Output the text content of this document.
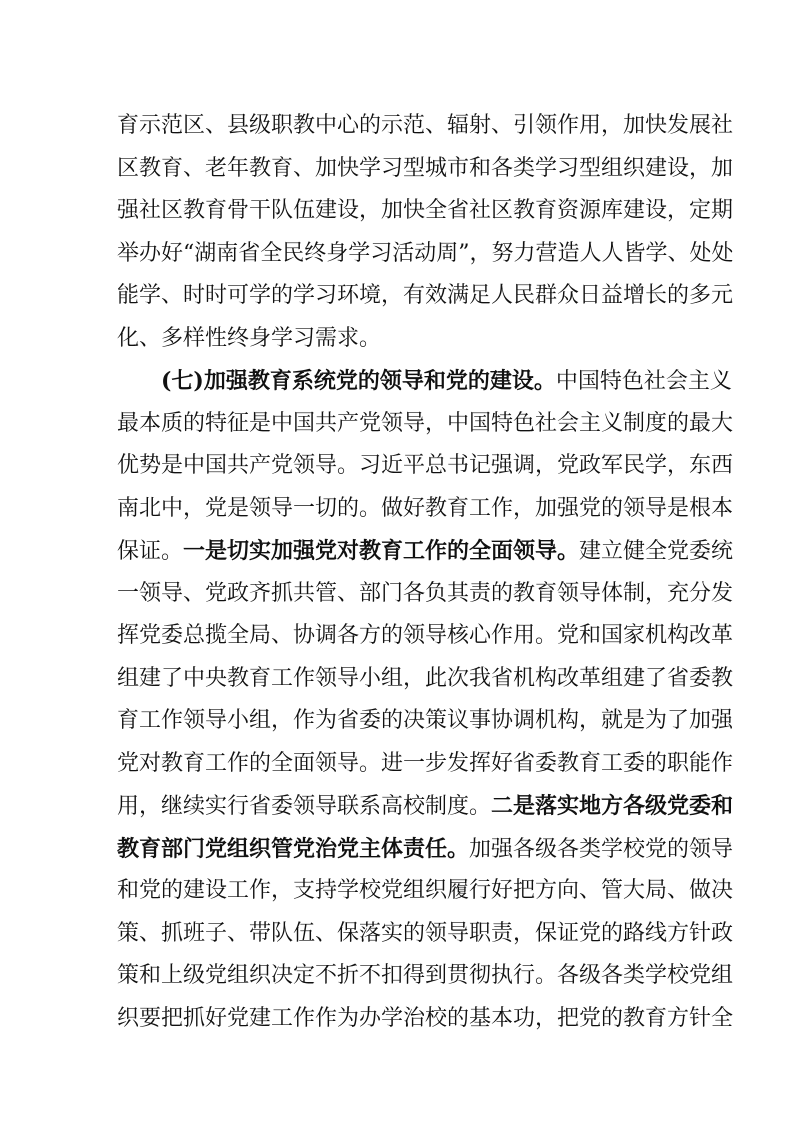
育示范区、县级职教中心的示范、辐射、引领作用，加快发展社
区教育、老年教育、加快学习型城市和各类学习型组织建设，加
强社区教育骨干队伍建设，加快全省社区教育资源库建设，定期
举办好“湖南省全民终身学习活动周”，努力营造人人皆学、处处
能学、时时可学的学习环境，有效满足人民群众日益增长的多元
化、多样性终身学习需求。
(七)加强教育系统党的领导和党的建设。中国特色社会主义
最本质的特征是中国共产党领导，中国特色社会主义制度的最大
优势是中国共产党领导。习近平总书记强调，党政军民学，东西
南北中，党是领导一切的。做好教育工作，加强党的领导是根本
保证。一是切实加强党对教育工作的全面领导。建立健全党委统
一领导、党政齐抓共管、部门各负其责的教育领导体制，充分发
挥党委总揽全局、协调各方的领导核心作用。党和国家机构改革
组建了中央教育工作领导小组，此次我省机构改革组建了省委教
育工作领导小组，作为省委的决策议事协调机构，就是为了加强
党对教育工作的全面领导。进一步发挥好省委教育工委的职能作
用，继续实行省委领导联系高校制度。二是落实地方各级党委和
教育部门党组织管党治党主体责任。加强各级各类学校党的领导
和党的建设工作，支持学校党组织履行好把方向、管大局、做决
策、抓班子、带队伍、保落实的领导职责，保证党的路线方针政
策和上级党组织决定不折不扣得到贯彻执行。各级各类学校党组
织要把抓好党建工作作为办学治校的基本功，把党的教育方针全
